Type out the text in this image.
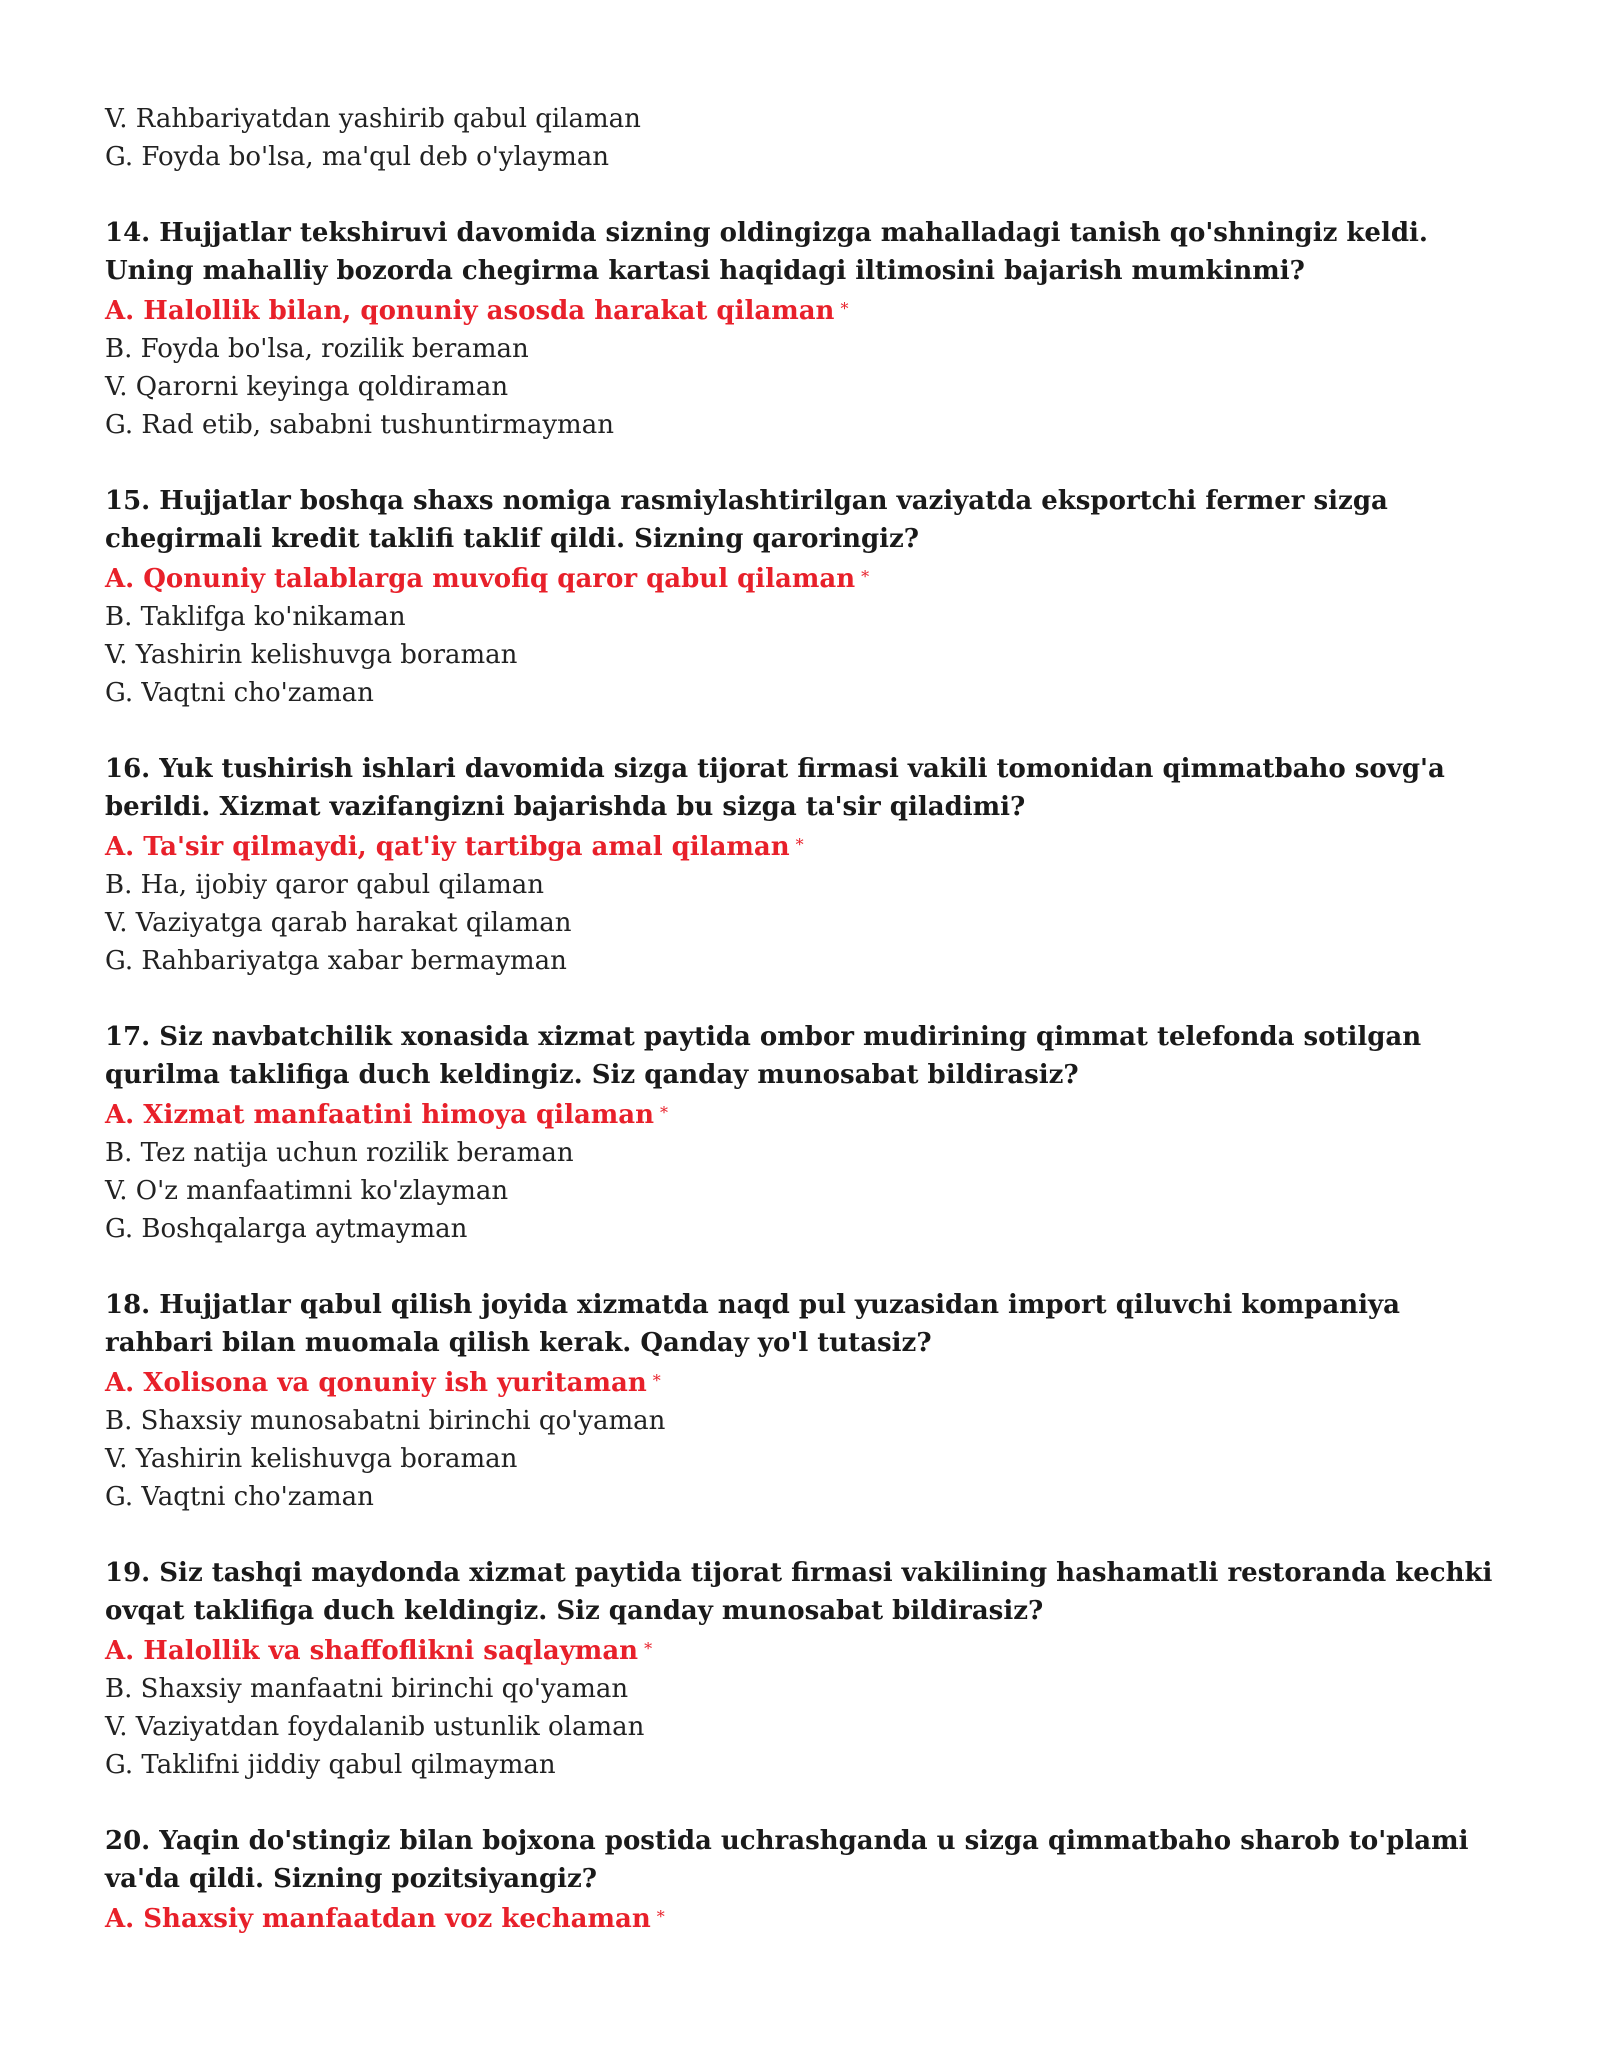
V. Rahbariyatdan yashirib qabul qilaman
G. Foyda bo'lsa, ma'qul deb o'ylayman
14. Hujjatlar tekshiruvi davomida sizning oldingizga mahalladagi tanish qo'shningiz keldi. Uning mahalliy bozorda chegirma kartasi haqidagi iltimosini bajarish mumkinmi?
A. Halollik bilan, qonuniy asosda harakat qilaman *
B. Foyda bo'lsa, rozilik beraman
V. Qarorni keyinga qoldiraman
G. Rad etib, sababni tushuntirmayman
15. Hujjatlar boshqa shaxs nomiga rasmiylashtirilgan vaziyatda eksportchi fermer sizga chegirmali kredit taklifi taklif qildi. Sizning qaroringiz?
A. Qonuniy talablarga muvofiq qaror qabul qilaman *
B. Taklifga ko'nikaman
V. Yashirin kelishuvga boraman
G. Vaqtni cho'zaman
16. Yuk tushirish ishlari davomida sizga tijorat firmasi vakili tomonidan qimmatbaho sovg'a berildi. Xizmat vazifangizni bajarishda bu sizga ta'sir qiladimi?
A. Ta'sir qilmaydi, qat'iy tartibga amal qilaman *
B. Ha, ijobiy qaror qabul qilaman
V. Vaziyatga qarab harakat qilaman
G. Rahbariyatga xabar bermayman
17. Siz navbatchilik xonasida xizmat paytida ombor mudirining qimmat telefonda sotilgan qurilma taklifiga duch keldingiz. Siz qanday munosabat bildirasiz?
A. Xizmat manfaatini himoya qilaman *
B. Tez natija uchun rozilik beraman
V. O'z manfaatimni ko'zlayman
G. Boshqalarga aytmayman
18. Hujjatlar qabul qilish joyida xizmatda naqd pul yuzasidan import qiluvchi kompaniya rahbari bilan muomala qilish kerak. Qanday yo'l tutasiz?
A. Xolisona va qonuniy ish yuritaman *
B. Shaxsiy munosabatni birinchi qo'yaman
V. Yashirin kelishuvga boraman
G. Vaqtni cho'zaman
19. Siz tashqi maydonda xizmat paytida tijorat firmasi vakilining hashamatli restoranda kechki ovqat taklifiga duch keldingiz. Siz qanday munosabat bildirasiz?
A. Halollik va shaffoflikni saqlayman *
B. Shaxsiy manfaatni birinchi qo'yaman
V. Vaziyatdan foydalanib ustunlik olaman
G. Taklifni jiddiy qabul qilmayman
20. Yaqin do'stingiz bilan bojxona postida uchrashganda u sizga qimmatbaho sharob to'plami va'da qildi. Sizning pozitsiyangiz?
A. Shaxsiy manfaatdan voz kechaman *
